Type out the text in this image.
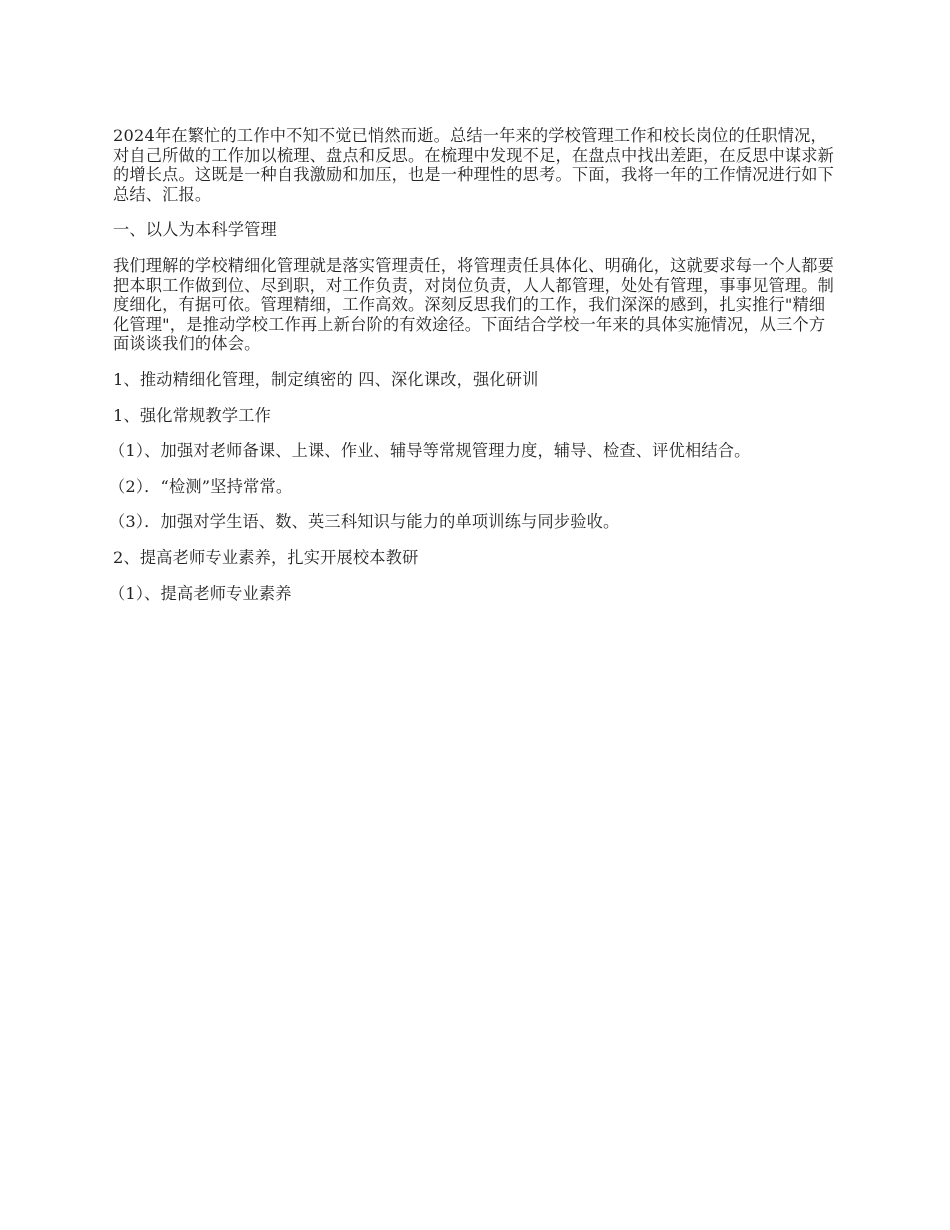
2024年在繁忙的工作中不知不觉已悄然而逝。总结一年来的学校管理工作和校长岗位的任职情况，对自己所做的工作加以梳理、盘点和反思。在梳理中发现不足，在盘点中找出差距，在反思中谋求新的增长点。这既是一种自我激励和加压，也是一种理性的思考。下面，我将一年的工作情况进行如下总结、汇报。

一、以人为本科学管理

我们理解的学校精细化管理就是落实管理责任，将管理责任具体化、明确化，这就要求每一个人都要把本职工作做到位、尽到职，对工作负责，对岗位负责，人人都管理，处处有管理，事事见管理。制度细化，有据可依。管理精细，工作高效。深刻反思我们的工作，我们深深的感到，扎实推行"精细化管理"，是推动学校工作再上新台阶的有效途径。下面结合学校一年来的具体实施情况，从三个方面谈谈我们的体会。

1、推动精细化管理，制定缜密的 四、深化课改，强化研训

1、强化常规教学工作

（1）、加强对老师备课、上课、作业、辅导等常规管理力度，辅导、检查、评优相结合。

（2）．“检测”坚持常常。

（3）．加强对学生语、数、英三科知识与能力的单项训练与同步验收。

2、提高老师专业素养，扎实开展校本教研

（1）、提高老师专业素养
